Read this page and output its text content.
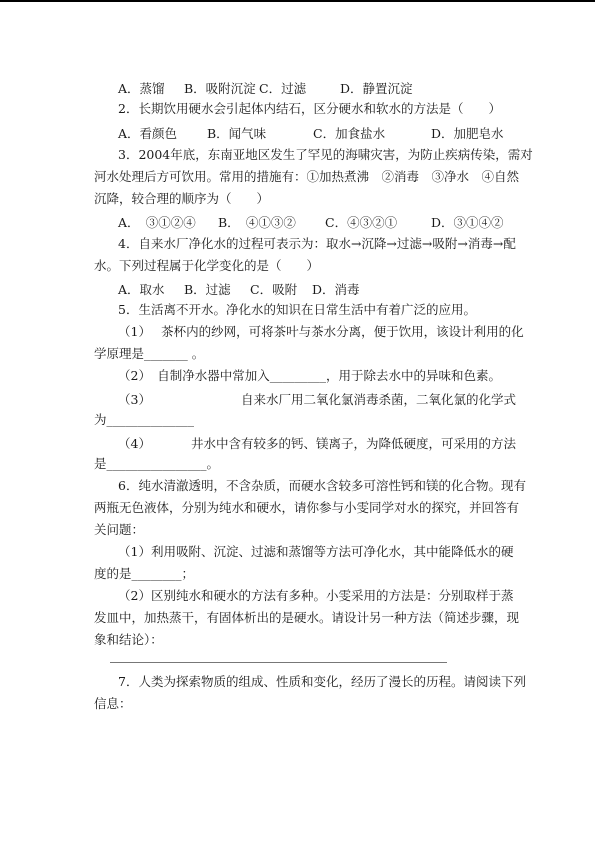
A．蒸馏 B．吸附沉淀 C．过滤	D．静置沉淀
2．长期饮用硬水会引起体内结石，区分硬水和软水的方法是（　　）
A．看颜色 B．闻气味	C．加食盐水	D．加肥皂水
3．2004年底，东南亚地区发生了罕见的海啸灾害，为防止疾病传染，需对
河水处理后方可饮用。常用的措施有：①加热煮沸　②消毒　③净水　④自然
沉降，较合理的顺序为（　　）
A．　③①②④ B．　④①③② C．④③②①	D．③①④②
4．自来水厂净化水的过程可表示为：取水→沉降→过滤→吸附→消毒→配
水。下列过程属于化学变化的是（　　）
A．取水 B．过滤 C．吸附 D．消毒
5．生活离不开水。净化水的知识在日常生活中有着广泛的应用。
（1）　 茶杯内的纱网，可将茶叶与茶水分离，便于饮用，该设计利用的化
学原理是_______ 。
（2）　自制净水器中常加入_________，用于除去水中的异味和色素。
（3）	自来水厂用二氧化氯消毒杀菌，二氧化氯的化学式
为______________
（4）	井水中含有较多的钙、镁离子，为降低硬度，可采用的方法
是________________。
6．纯水清澈透明，不含杂质，而硬水含较多可溶性钙和镁的化合物。现有
两瓶无色液体，分别为纯水和硬水，请你参与小雯同学对水的探究，并回答有
关问题：
（1）利用吸附、沉淀、过滤和蒸馏等方法可净化水，其中能降低水的硬
度的是________；
（2）区别纯水和硬水的方法有多种。小雯采用的方法是：分别取样于蒸
发皿中，加热蒸干，有固体析出的是硬水。请设计另一种方法（简述步骤，现
象和结论）：
7．人类为探索物质的组成、性质和变化，经历了漫长的历程。请阅读下列
信息：
